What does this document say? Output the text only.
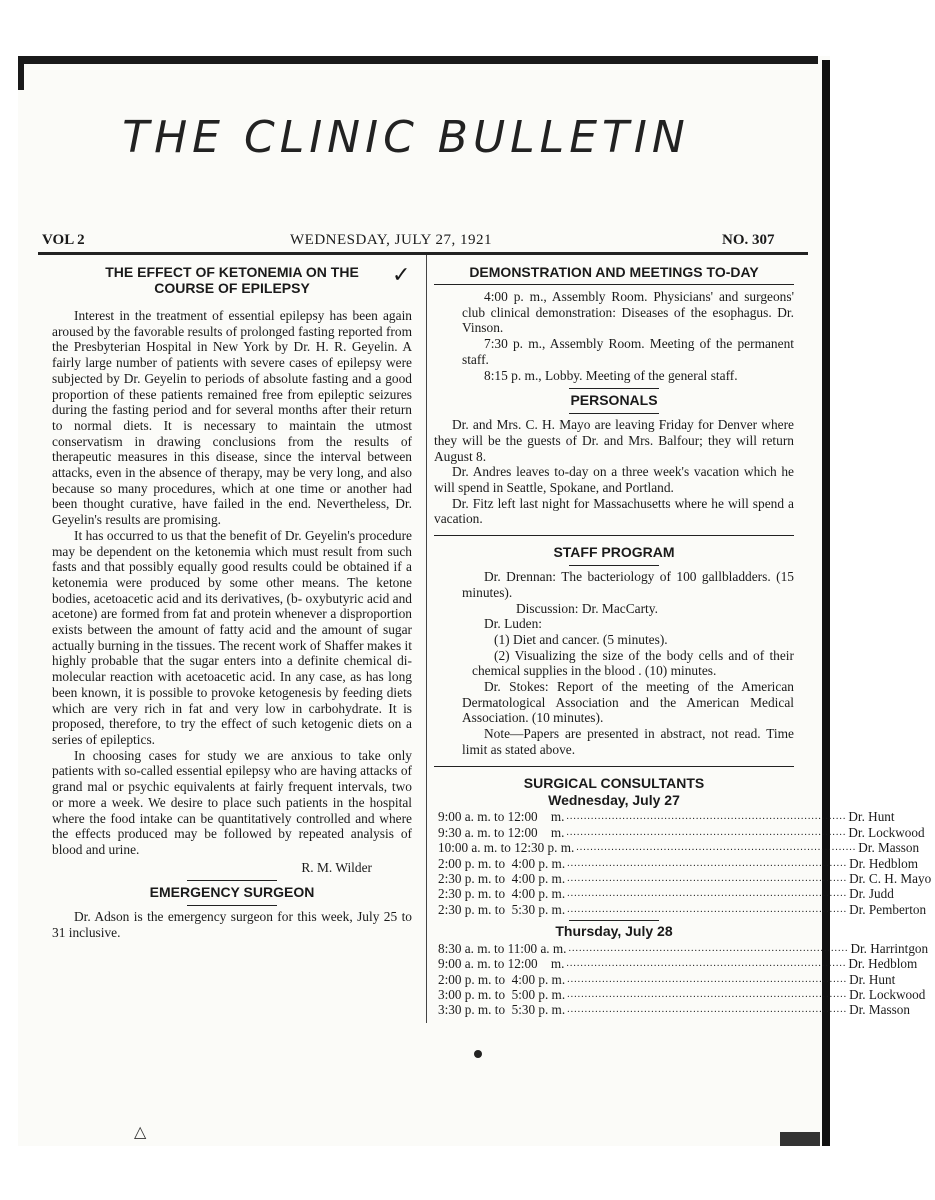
THE CLINIC BULLETIN
VOL 2	WEDNESDAY, JULY 27, 1921	NO. 307
✓
THE EFFECT OF KETONEMIA ON THE COURSE OF EPILEPSY

Interest in the treatment of essential epilepsy has been again aroused by the favorable results of prolonged fasting reported from the Presbyterian Hospital in New York by Dr. H. R. Geyelin. A fairly large number of patients with severe cases of epilepsy were subjected by Dr. Geyelin to periods of absolute fasting and a good proportion of these patients remained free from epileptic seizures during the fasting period and for several months after their return to normal diets. It is necessary to maintain the utmost conservatism in drawing conclusions from the results of therapeutic measures in this disease, since the interval between attacks, even in the absence of therapy, may be very long, and also because so many procedures, which at one time or another had been thought curative, have failed in the end. Nevertheless, Dr. Geyelin's results are promising.

It has occurred to us that the benefit of Dr. Geyelin's procedure may be dependent on the ketonemia which must result from such fasts and that possibly equally good results could be obtained if a ketonemia were produced by some other means. The ketone bodies, acetoacetic acid and its derivatives, (b- oxybutyric acid and acetone) are formed from fat and protein whenever a disproportion exists between the amount of fatty acid and the amount of sugar actually burning in the tissues. The recent work of Shaffer makes it highly probable that the sugar enters into a definite chemical di-molecular reaction with acetoacetic acid. In any case, as has long been known, it is possible to provoke ketogenesis by feeding diets which are very rich in fat and very low in carbohydrate. It is proposed, therefore, to try the effect of such ketogenic diets on a series of epileptics.

In choosing cases for study we are anxious to take only patients with so-called essential epilepsy who are having attacks of grand mal or psychic equivalents at fairly frequent intervals, two or more a week. We desire to place such patients in the hospital where the food intake can be quantitatively controlled and where the effects produced may be followed by repeated analysis of blood and urine.

R. M. Wilder
EMERGENCY SURGEON

Dr. Adson is the emergency surgeon for this week, July 25 to 31 inclusive.

DEMONSTRATION AND MEETINGS TO-DAY

4:00 p. m., Assembly Room. Physicians' and surgeons' club clinical demonstration: Diseases of the esophagus. Dr. Vinson.

7:30 p. m., Assembly Room. Meeting of the permanent staff.

8:15 p. m., Lobby. Meeting of the general staff.

PERSONALS

Dr. and Mrs. C. H. Mayo are leaving Friday for Denver where they will be the guests of Dr. and Mrs. Balfour; they will return August 8.

Dr. Andres leaves to-day on a three week's vacation which he will spend in Seattle, Spokane, and Portland.

Dr. Fitz left last night for Massachusetts where he will spend a vacation.

STAFF PROGRAM

Dr. Drennan: The bacteriology of 100 gallbladders. (15 minutes).

Discussion: Dr. MacCarty.

Dr. Luden:

(1) Diet and cancer. (5 minutes).

(2) Visualizing the size of the body cells and of their chemical supplies in the blood . (10) minutes.

Dr. Stokes: Report of the meeting of the American Dermatological Association and the American Medical Association. (10 minutes).

Note—Papers are presented in abstract, not read. Time limit as stated above.

SURGICAL CONSULTANTS
Wednesday, July 27
9:00 a. m. to 12:00    m. ................................................................................ Dr. Hunt
9:30 a. m. to 12:00    m. ................................................................................ Dr. Lockwood
10:00 a. m. to 12:30 p. m. ................................................................................ Dr. Masson
2:00 p. m. to  4:00 p. m. ................................................................................ Dr. Hedblom
2:30 p. m. to  4:00 p. m. ................................................................................ Dr. C. H. Mayo
2:30 p. m. to  4:00 p. m. ................................................................................ Dr. Judd
2:30 p. m. to  5:30 p. m. ................................................................................ Dr. Pemberton
Thursday, July 28
8:30 a. m. to 11:00 a. m. ................................................................................ Dr. Harrintgon
9:00 a. m. to 12:00    m. ................................................................................ Dr. Hedblom
2:00 p. m. to  4:00 p. m. ................................................................................ Dr. Hunt
3:00 p. m. to  5:00 p. m. ................................................................................ Dr. Lockwood
3:30 p. m. to  5:30 p. m. ................................................................................ Dr. Masson
△
